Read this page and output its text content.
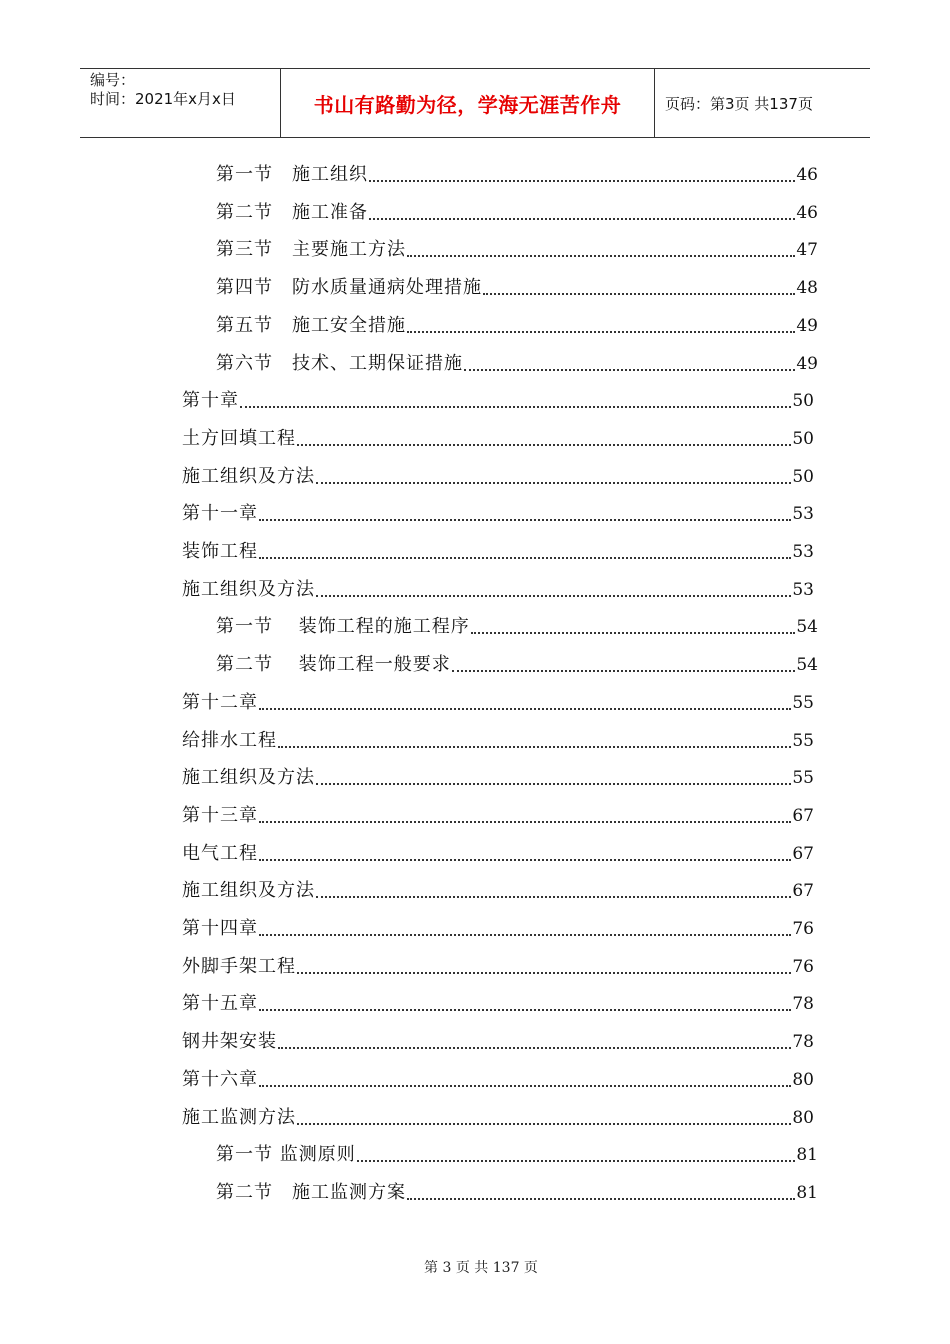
编号：
时间：2021年x月x日	书山有路勤为径，学海无涯苦作舟	页码：第3页 共137页
第一节　施工组织	46
第二节　施工准备	46
第三节　主要施工方法	47
第四节　防水质量通病处理措施	48
第五节　施工安全措施	49
第六节　技术、工期保证措施	49
第十章	50
土方回填工程	50
施工组织及方法	50
第十一章	53
装饰工程	53
施工组织及方法	53
第一节　 装饰工程的施工程序	54
第二节　 装饰工程一般要求	54
第十二章	55
给排水工程	55
施工组织及方法	55
第十三章	67
电气工程	67
施工组织及方法	67
第十四章	76
外脚手架工程	76
第十五章	78
钢井架安装	78
第十六章	80
施工监测方法	80
第一节 监测原则	81
第二节　施工监测方案	81
第 3 页 共 137 页
